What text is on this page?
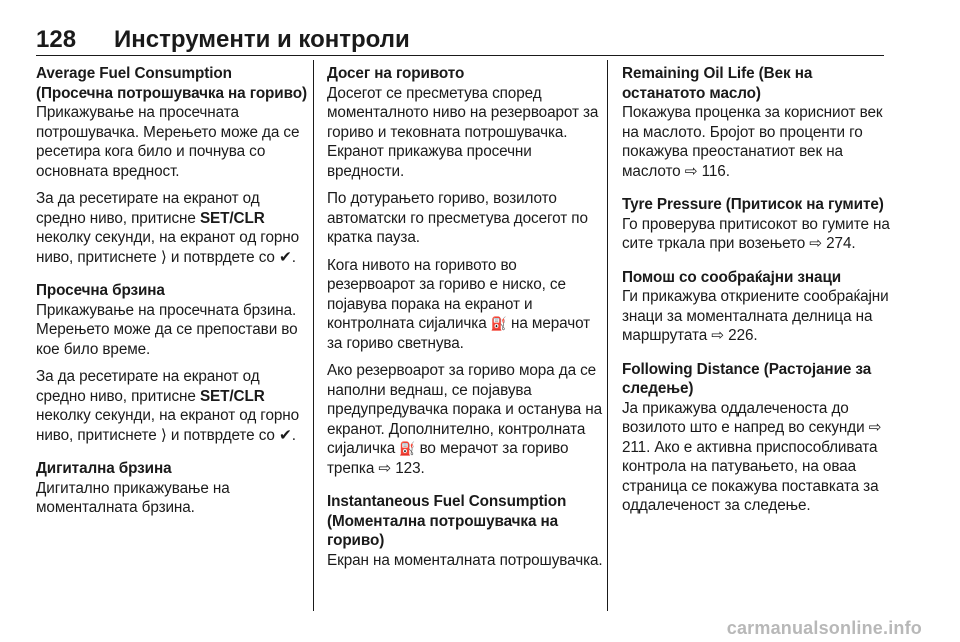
128	Инструменти и контроли

Average Fuel Consumption (Просечна потрошувачка на гориво)

Прикажување на просечната потрошувачка. Мерењето може да се ресетира кога било и почнува со основната вредност.

За да ресетирате на екранот од средно ниво, притисне SET/CLR неколку секунди, на екранот од горно ниво, притиснете ⟩ и потврдете со ✔.

Просечна брзина

Прикажување на просечната брзина. Мерењето може да се препостави во кое било време.

За да ресетирате на екранот од средно ниво, притисне SET/CLR неколку секунди, на екранот од горно ниво, притиснете ⟩ и потврдете со ✔.

Дигитална брзина

Дигитално прикажување на моменталната брзина.

Досег на горивото

Досегот се пресметува според моменталното ниво на резервоарот за гориво и тековната потрошувачка. Екранот прикажува просечни вредности.

По дотурањето гориво, возилото автоматски го пресметува досегот по кратка пауза.

Кога нивото на горивото во резервоарот за гориво е ниско, се појавува порака на екранот и контролната сијаличка ⛽ на мерачот за гориво светнува.

Ако резервоарот за гориво мора да се наполни веднаш, се појавува предупредувачка порака и останува на екранот. Дополнително, контролната сијаличка ⛽ во мерачот за гориво трепка ⇨ 123.

Instantaneous Fuel Consumption (Моментална потрошувачка на гориво)

Екран на моменталната потрошувачка.

Remaining Oil Life (Век на останатото масло)

Покажува проценка за корисниот век на маслото. Бројот во проценти го покажува преостанатиот век на маслото ⇨ 116.

Tyre Pressure (Притисок на гумите)

Го проверува притисокот во гумите на сите тркала при возењето ⇨ 274.

Помош со сообраќајни знаци

Ги прикажува откриените сообраќајни знаци за моменталната делница на маршрутата ⇨ 226.

Following Distance (Растојание за следење)

Ја прикажува оддалеченоста до возилото што е напред во секунди ⇨ 211. Ако е активна приспособливата контрола на патувањето, на оваа страница се покажува поставката за оддалеченост за следење.

carmanualsonline.info
